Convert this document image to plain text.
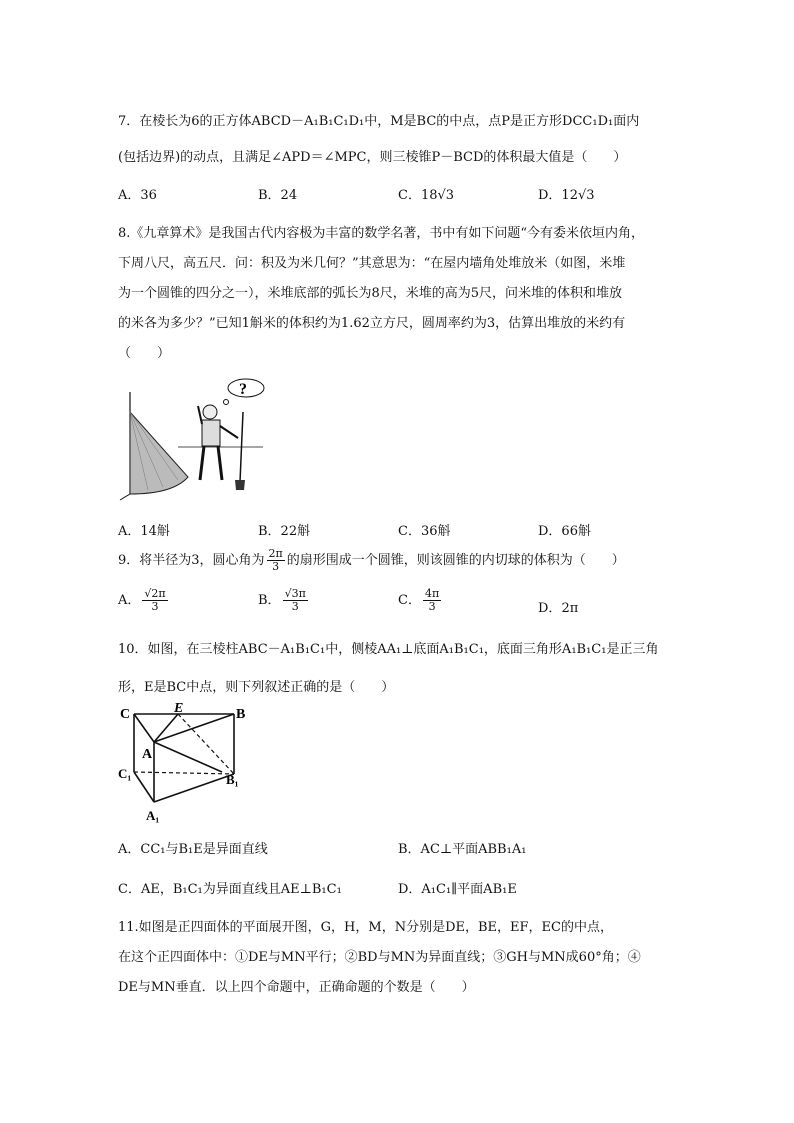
7．在棱长为6的正方体ABCD－A₁B₁C₁D₁中，M是BC的中点，点P是正方形DCC₁D₁面内
(包括边界)的动点，且满足∠APD＝∠MPC，则三棱锥P－BCD的体积最大值是（　　）
A．36	B．24	C．18√3	D．12√3
8.《九章算术》是我国古代内容极为丰富的数学名著，书中有如下问题“今有委米依垣内角，
下周八尺，高五尺．问：积及为米几何？”其意思为：“在屋内墙角处堆放米（如图，米堆
为一个圆锥的四分之一），米堆底部的弧长为8尺，米堆的高为5尺，问米堆的体积和堆放
的米各为多少？”已知1斛米的体积约为1.62立方尺，圆周率约为3，估算出堆放的米约有
（　　）
?
A．14斛	B．22斛	C．36斛	D．66斛
9．将半径为3，圆心角为 $\frac{2\pi}{3}$ 的扇形围成一个圆锥，则该圆锥的内切球的体积为（　　）
A． $\frac{√2\pi}{3}$	B． $\frac{√3\pi}{3}$	C． $\frac{4\pi}{3}$	D．2π
10．如图，在三棱柱ABC－A₁B₁C₁中，侧棱AA₁⊥底面A₁B₁C₁，底面三角形A₁B₁C₁是正三角
形，E是BC中点，则下列叙述正确的是（　　）
C	E	B
A
C₁	B₁
A₁
A．CC₁与B₁E是异面直线	B．AC⊥平面ABB₁A₁
C．AE，B₁C₁为异面直线且AE⊥B₁C₁	D．A₁C₁∥平面AB₁E
11.如图是正四面体的平面展开图，G，H，M，N分别是DE，BE，EF，EC的中点，
在这个正四面体中：①DE与MN平行；②BD与MN为异面直线；③GH与MN成60°角；④
DE与MN垂直．以上四个命题中，正确命题的个数是（　　）
